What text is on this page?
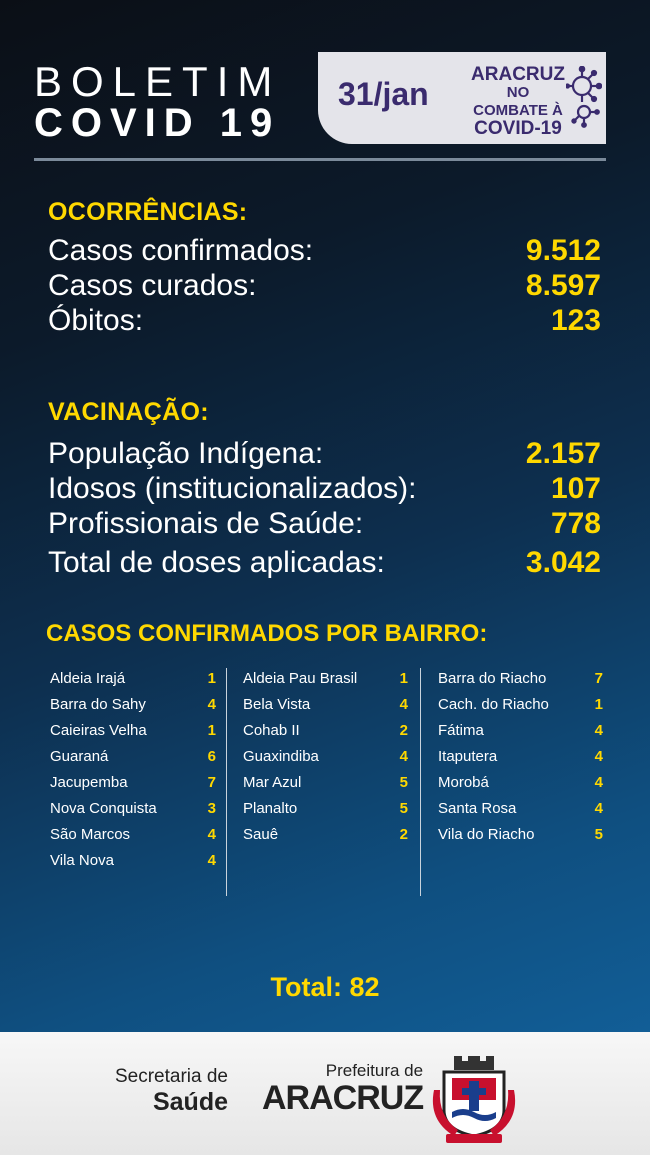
BOLETIM
COVID 19
31/jan
ARACRUZ
NO COMBATE À
COVID-19
OCORRÊNCIAS:
Casos confirmados:	9.512
Casos curados:	8.597
Óbitos:	123
VACINAÇÃO:
População Indígena:	2.157
Idosos (institucionalizados):	107
Profissionais de Saúde:	778
Total de doses aplicadas:	3.042
CASOS CONFIRMADOS POR BAIRRO:
Aldeia Irajá	1
Barra do Sahy	4
Caieiras Velha	1
Guaraná	6
Jacupemba	7
Nova Conquista	3
São Marcos	4
Vila Nova	4
Aldeia Pau Brasil	1
Bela Vista	4
Cohab II	2
Guaxindiba	4
Mar Azul	5
Planalto	5
Sauê	2
Barra do Riacho	7
Cach. do Riacho	1
Fátima	4
Itaputera	4
Morobá	4
Santa Rosa	4
Vila do Riacho	5
Total: 82
Secretaria de
Saúde
Prefeitura de
ARACRUZ
